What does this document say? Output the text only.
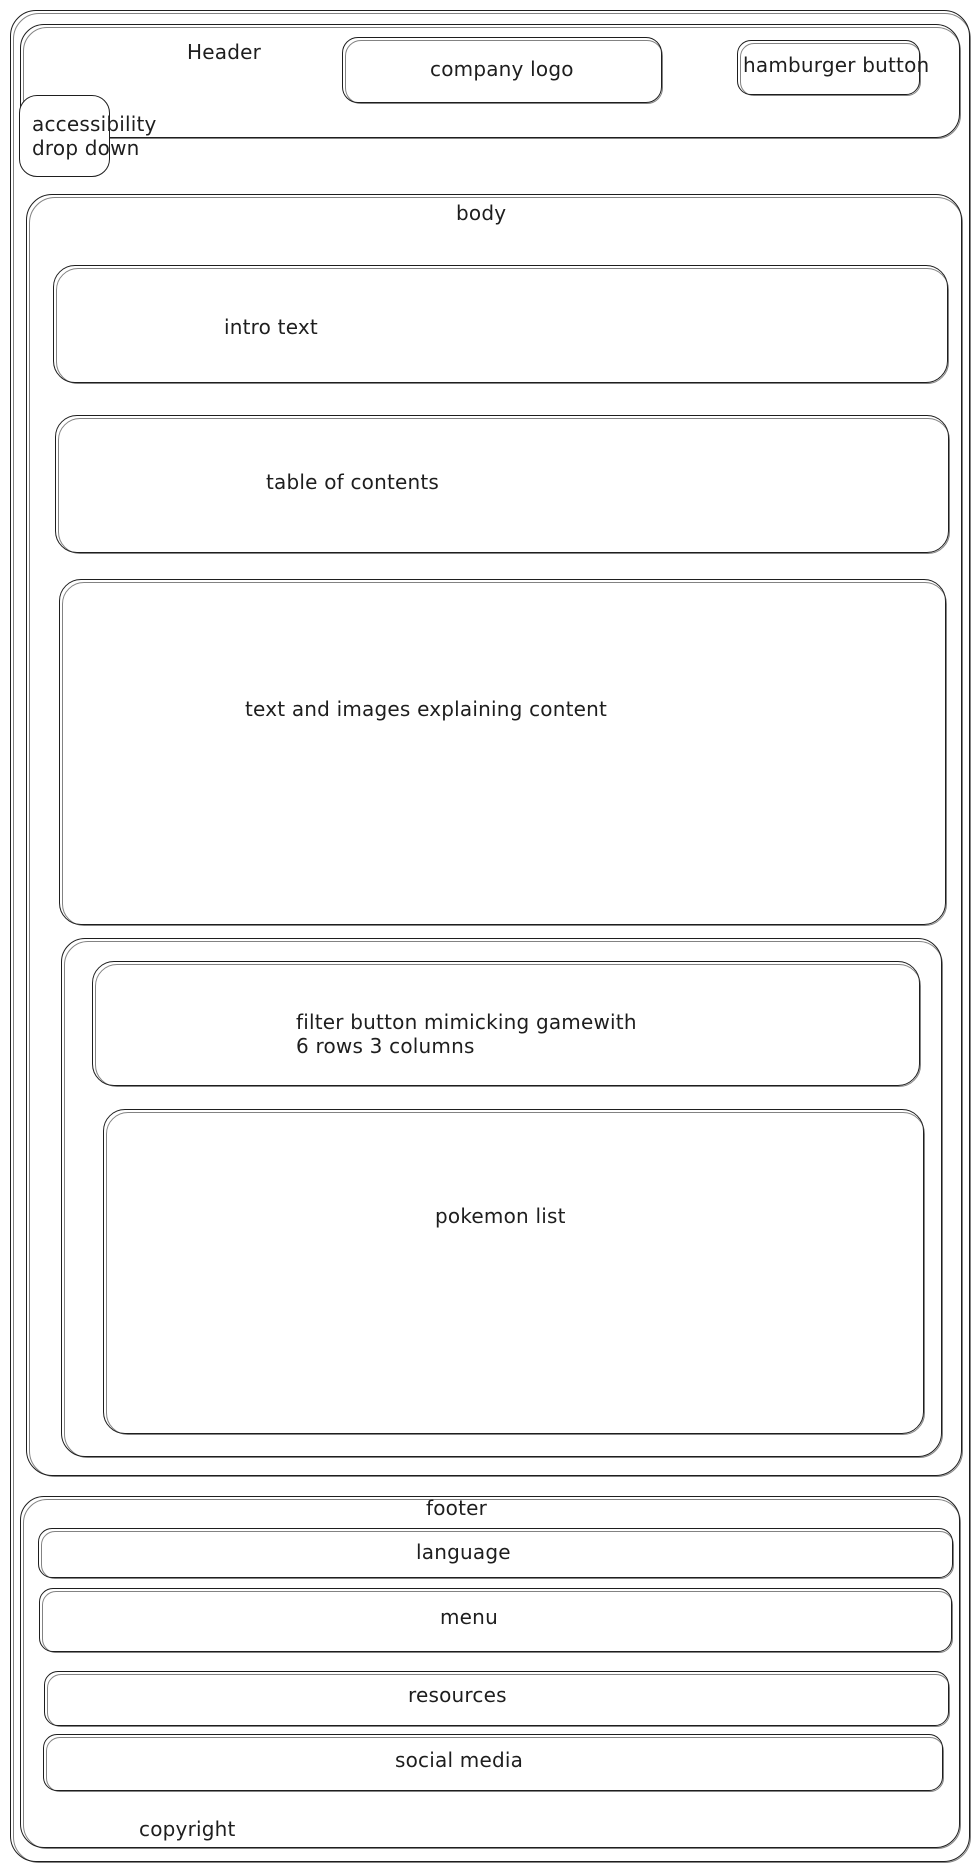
Header
company logo	hamburger button
accessibility
drop down
body
intro text
table of contents
text and images explaining content
filter button mimicking gamewith
6 rows 3 columns
pokemon list
footer
language
menu
resources
social media
copyright
